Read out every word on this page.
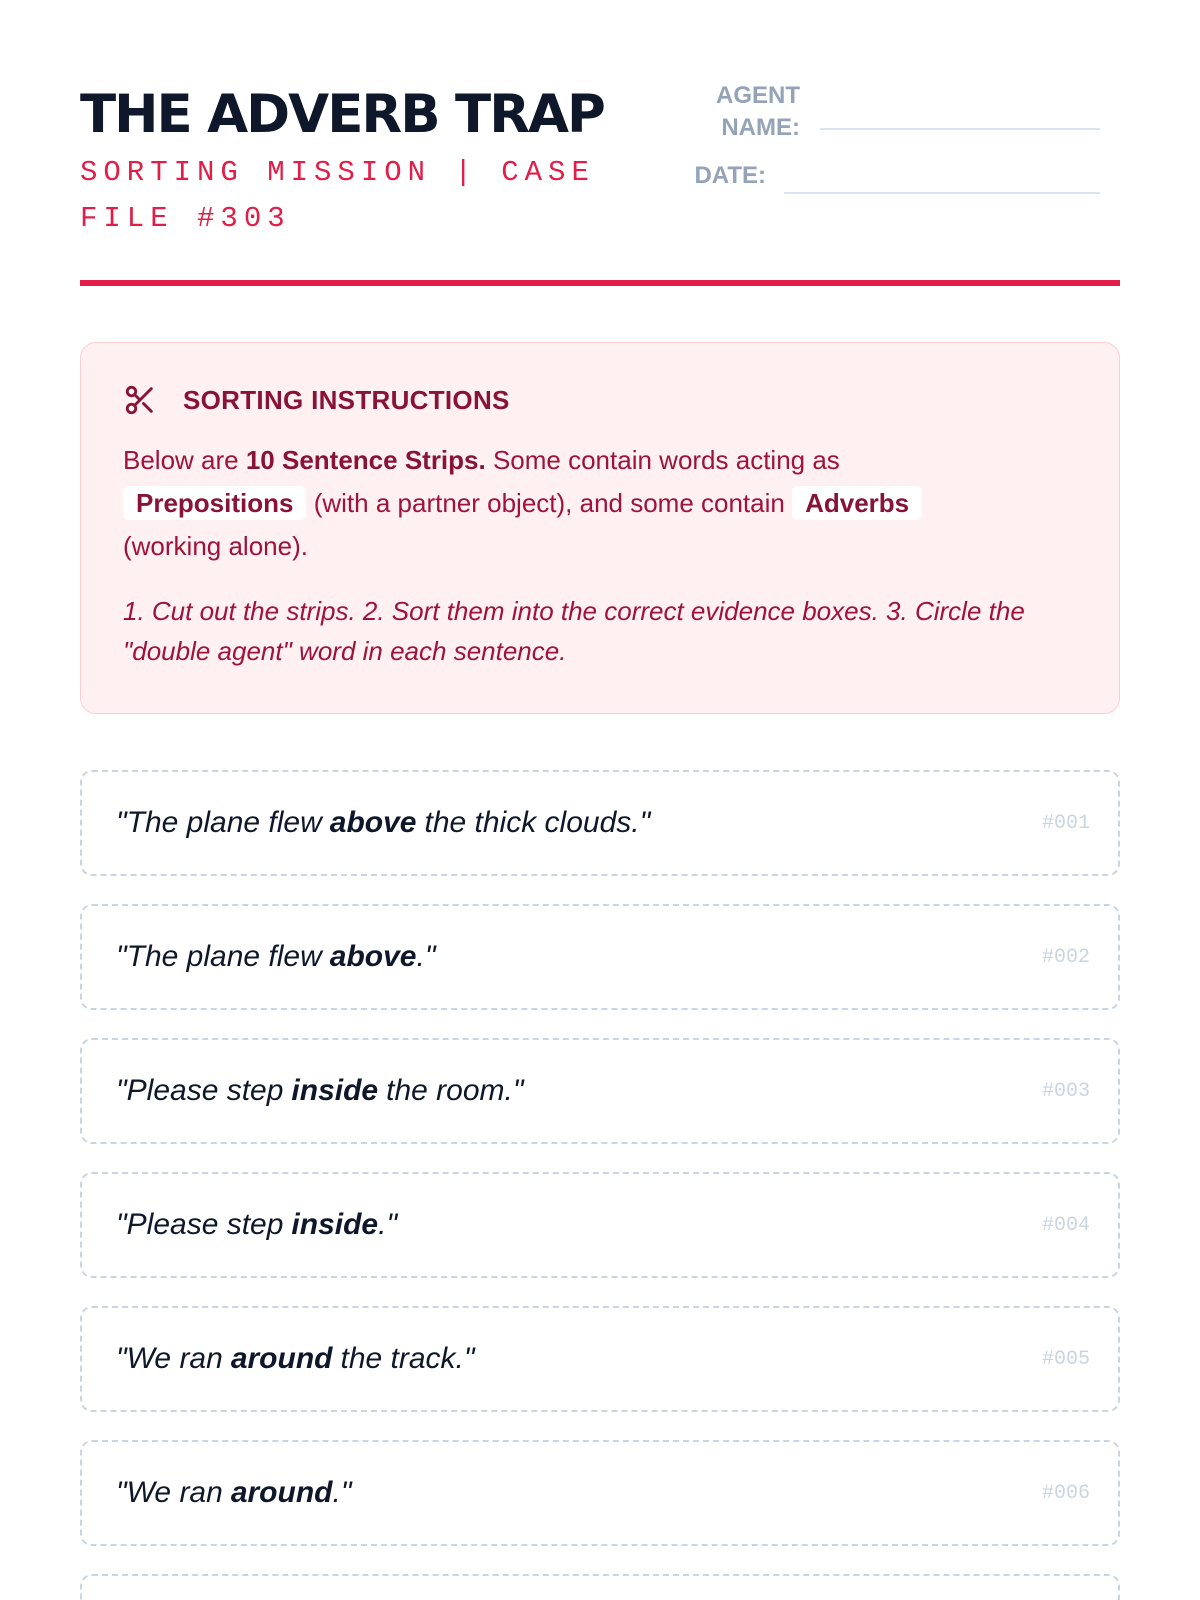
THE ADVERB TRAP
SORTING MISSION | CASE FILE #303
AGENT
NAME:
DATE:
SORTING INSTRUCTIONS
Below are 10 Sentence Strips. Some contain words acting as
Prepositions (with a partner object), and some contain Adverbs
(working alone).
1. Cut out the strips. 2. Sort them into the correct evidence boxes. 3. Circle the "double agent" word in each sentence.
"The plane flew above the thick clouds."	#001
"The plane flew above ."	#002
"Please step inside the room."	#003
"Please step inside ."	#004
"We ran around the track."	#005
"We ran around ."	#006
